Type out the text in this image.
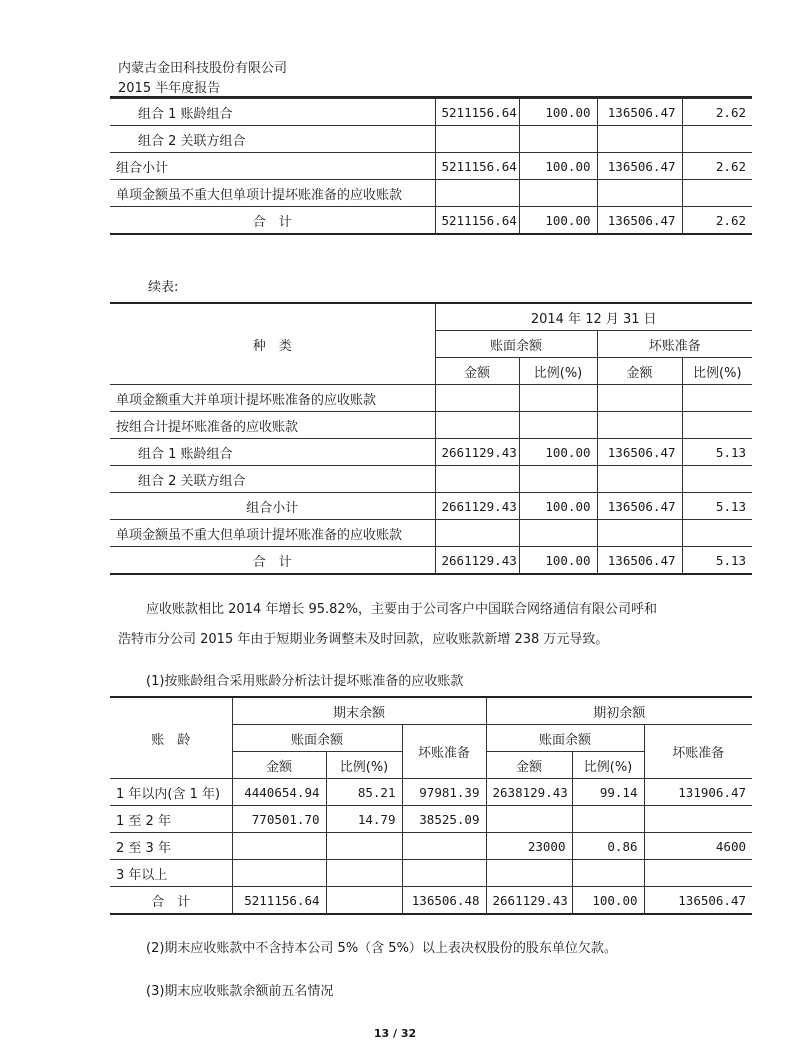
内蒙古金田科技股份有限公司
2015 半年度报告
组合 1 账龄组合	5211156.64	100.00	136506.47	2.62
组合 2 关联方组合				
组合小计	5211156.64	100.00	136506.47	2.62
单项金额虽不重大但单项计提坏账准备的应收账款				
合　计	5211156.64	100.00	136506.47	2.62
续表:
种　类	2014 年 12 月 31 日			
	账面余额		坏账准备	
	金额	比例(%)	金额	比例(%)
单项金额重大并单项计提坏账准备的应收账款				
按组合计提坏账准备的应收账款				
组合 1 账龄组合	2661129.43	100.00	136506.47	5.13
组合 2 关联方组合				
组合小计	2661129.43	100.00	136506.47	5.13
单项金额虽不重大但单项计提坏账准备的应收账款				
合　计	2661129.43	100.00	136506.47	5.13
应收账款相比 2014 年增长 95.82%，主要由于公司客户中国联合网络通信有限公司呼和
浩特市分公司 2015 年由于短期业务调整未及时回款，应收账款新增 238 万元导致。
(1)按账龄组合采用账龄分析法计提坏账准备的应收账款
账　龄	期末余额			期初余额		
	账面余额		坏账准备	账面余额		坏账准备
	金额	比例(%)		金额	比例(%)	
1 年以内(含 1 年)	4440654.94	85.21	97981.39	2638129.43	99.14	131906.47
1 至 2 年	770501.70	14.79	38525.09			
2 至 3 年				23000	0.86	4600
3 年以上						
合　计	5211156.64		136506.48	2661129.43	100.00	136506.47
(2)期末应收账款中不含持本公司 5%（含 5%）以上表决权股份的股东单位欠款。
(3)期末应收账款余额前五名情况
13 / 32
